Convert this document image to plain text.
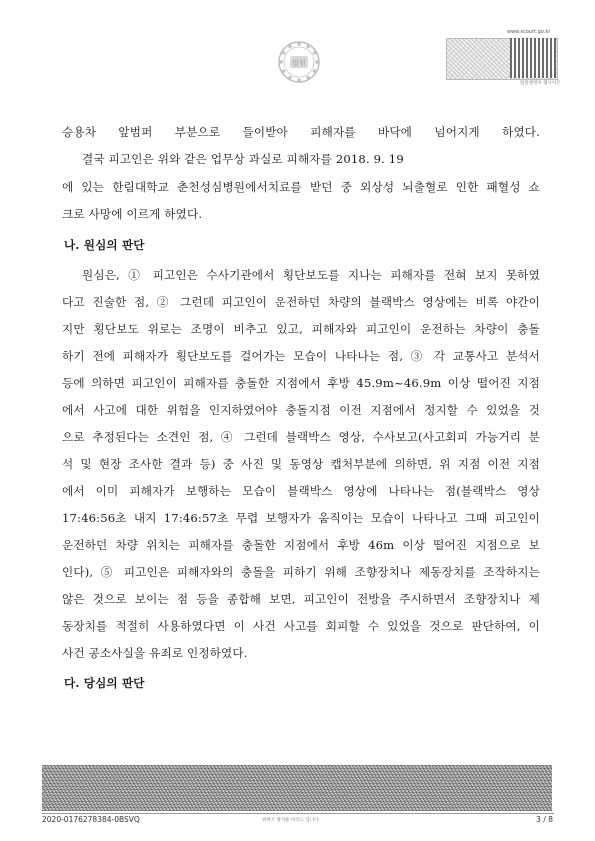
법원
www.scourt.go.kr
법원행정처 웹사이트
승용차 앞범퍼 부분으로 들이받아 피해자를 바닥에 넘어지게 하였다.
결국 피고인은 위와 같은 업무상 과실로 피해자를 2018. 9. 19
에 있는 한림대학교 춘천성심병원에서치료를 받던 중 외상성 뇌출혈로 인한 패혈성 쇼
크로 사망에 이르게 하였다.
나. 원심의 판단
원심은, ① 피고인은 수사기관에서 횡단보도를 지나는 피해자를 전혀 보지 못하였
다고 진술한 점, ② 그런데 피고인이 운전하던 차량의 블랙박스 영상에는 비록 야간이
지만 횡단보도 위로는 조명이 비추고 있고, 피해자와 피고인이 운전하는 차량이 충돌
하기 전에 피해자가 횡단보도를 걸어가는 모습이 나타나는 점, ③ 각 교통사고 분석서
등에 의하면 피고인이 피해자를 충돌한 지점에서 후방 45.9m~46.9m 이상 떨어진 지점
에서 사고에 대한 위험을 인지하였어야 충돌지점 이전 지점에서 정지할 수 있었을 것
으로 추정된다는 소견인 점, ④ 그런데 블랙박스 영상, 수사보고(사고회피 가능거리 분
석 및 현장 조사한 결과 등) 중 사진 및 동영상 캡처부분에 의하면, 위 지점 이전 지점
에서 이미 피해자가 보행하는 모습이 블랙박스 영상에 나타나는 점(블랙박스 영상
17:46:56초 내지 17:46:57초 무렵 보행자가 움직이는 모습이 나타나고 그때 피고인이
운전하던 차량 위치는 피해자를 충돌한 지점에서 후방 46m 이상 떨어진 지점으로 보
인다), ⑤ 피고인은 피해자와의 충돌을 피하기 위해 조향장치나 제동장치를 조작하지는
않은 것으로 보이는 점 등을 종합해 보면, 피고인이 전방을 주시하면서 조향장치나 제
동장치를 적절히 사용하였다면 이 사건 사고를 회피할 수 있었을 것으로 판단하여, 이
사건 공소사실을 유죄로 인정하였다.
다. 당심의 판단
2020-0176278384-0BSVQ	위변조 방지용 바코드 입니다.	3 / 8
